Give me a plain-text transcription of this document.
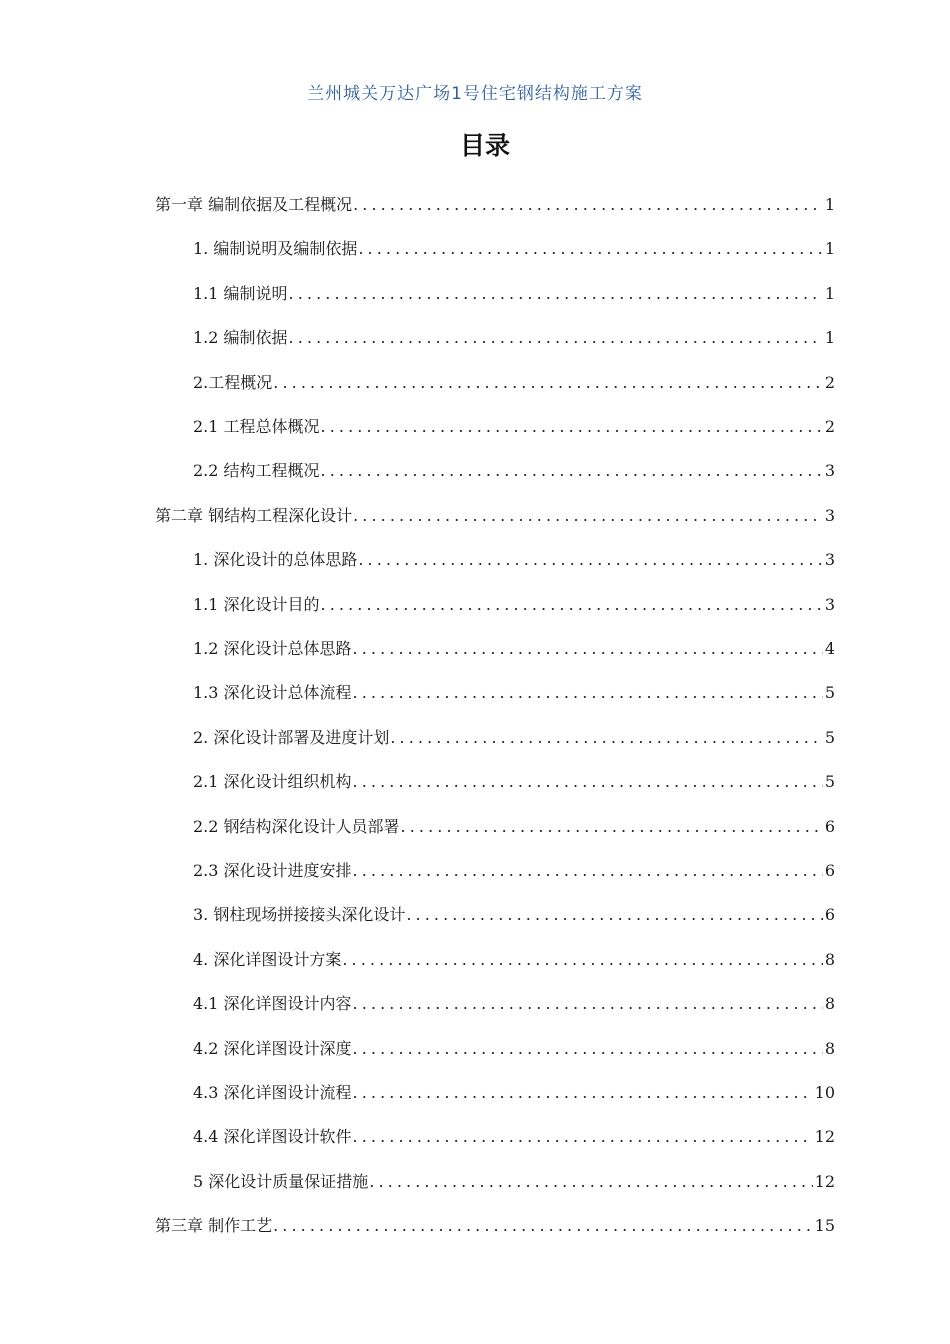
兰州城关万达广场1号住宅钢结构施工方案
目录
第一章 编制依据及工程概况 .....	1
1. 编制说明及编制依据 .....	1
1.1 编制说明 .....	1
1.2 编制依据 .....	1
2.工程概况 .....	2
2.1 工程总体概况 .....	2
2.2 结构工程概况 .....	3
第二章 钢结构工程深化设计 .....	3
1. 深化设计的总体思路 .....	3
1.1 深化设计目的 .....	3
1.2 深化设计总体思路 .....	4
1.3 深化设计总体流程 .....	5
2. 深化设计部署及进度计划 .....	5
2.1 深化设计组织机构 .....	5
2.2 钢结构深化设计人员部署 .....	6
2.3 深化设计进度安排 .....	6
3. 钢柱现场拼接接头深化设计 .....	6
4. 深化详图设计方案 .....	8
4.1 深化详图设计内容 .....	8
4.2 深化详图设计深度 .....	8
4.3 深化详图设计流程 .....	10
4.4 深化详图设计软件 .....	12
5 深化设计质量保证措施 .....	12
第三章 制作工艺 .....	15
